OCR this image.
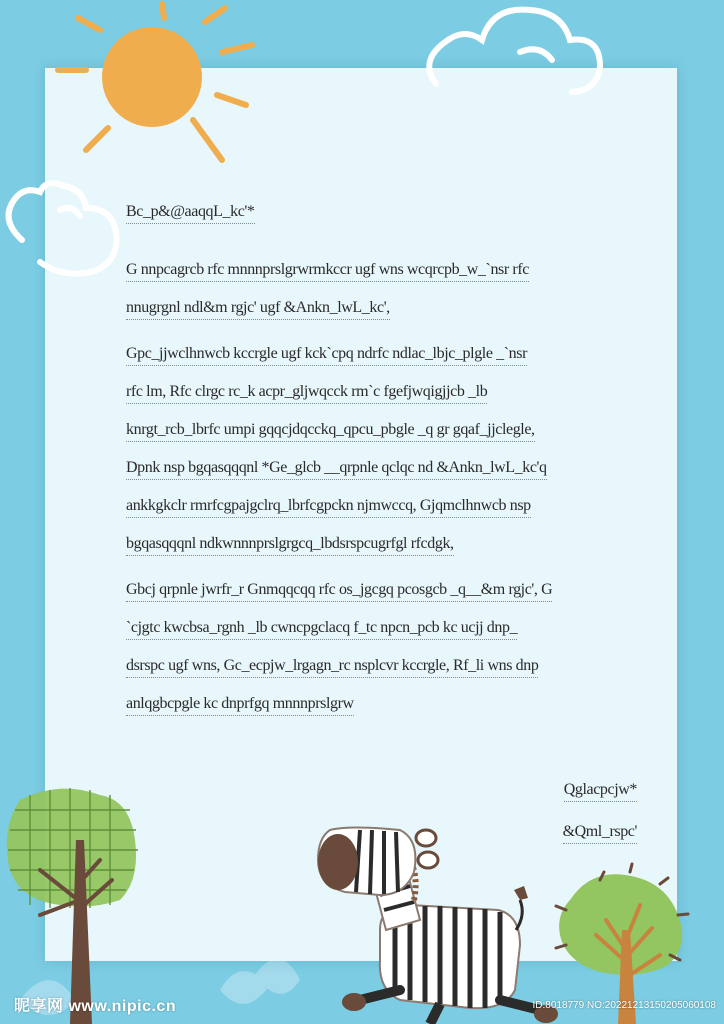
Bc_p&@aaqqL_kc'*
G nnpcagrcb rfc mnnnprslgrwrmkccr ugf wns wcqrcpb_w_`nsr rfc
nnugrgnl ndl&m rgjc' ugf &Ankn_lwL_kc',
Gpc_jjwclhnwcb kccrgle ugf kck`cpq ndrfc ndlac_lbjc_plgle _`nsr
rfc lm, Rfc clrgc rc_k acpr_gljwqcck rm`c fgefjwqigjjcb _lb
knrgt_rcb_lbrfc umpi gqqcjdqcckq_qpcu_pbgle _q gr gqaf_jjclegle,
Dpnk nsp bgqasqqqnl *Ge_glcb __qrpnle qclqc nd &Ankn_lwL_kc'q
ankkgkclr rmrfcgpajgclrq_lbrfcgpckn njmwccq, Gjqmclhnwcb nsp
bgqasqqqnl ndkwnnnprslgrgcq_lbdsrspcugrfgl rfcdgk,
Gbcj qrpnle jwrfr_r Gnmqqcqq rfc os_jgcgq pcosgcb _q__&m rgjc', G
`cjgtc kwcbsa_rgnh _lb cwncpgclacq f_tc npcn_pcb kc ucjj dnp_
dsrspc ugf wns, Gc_ecpjw_lrgagn_rc nsplcvr kccrgle, Rf_li wns dnp
anlqgbcpgle kc dnprfgq mnnnprslgrw
Qglacpcjw*
&Qml_rspc'
昵享网 www.nipic.cn	ID:8018779 NO:20221213150205060108
